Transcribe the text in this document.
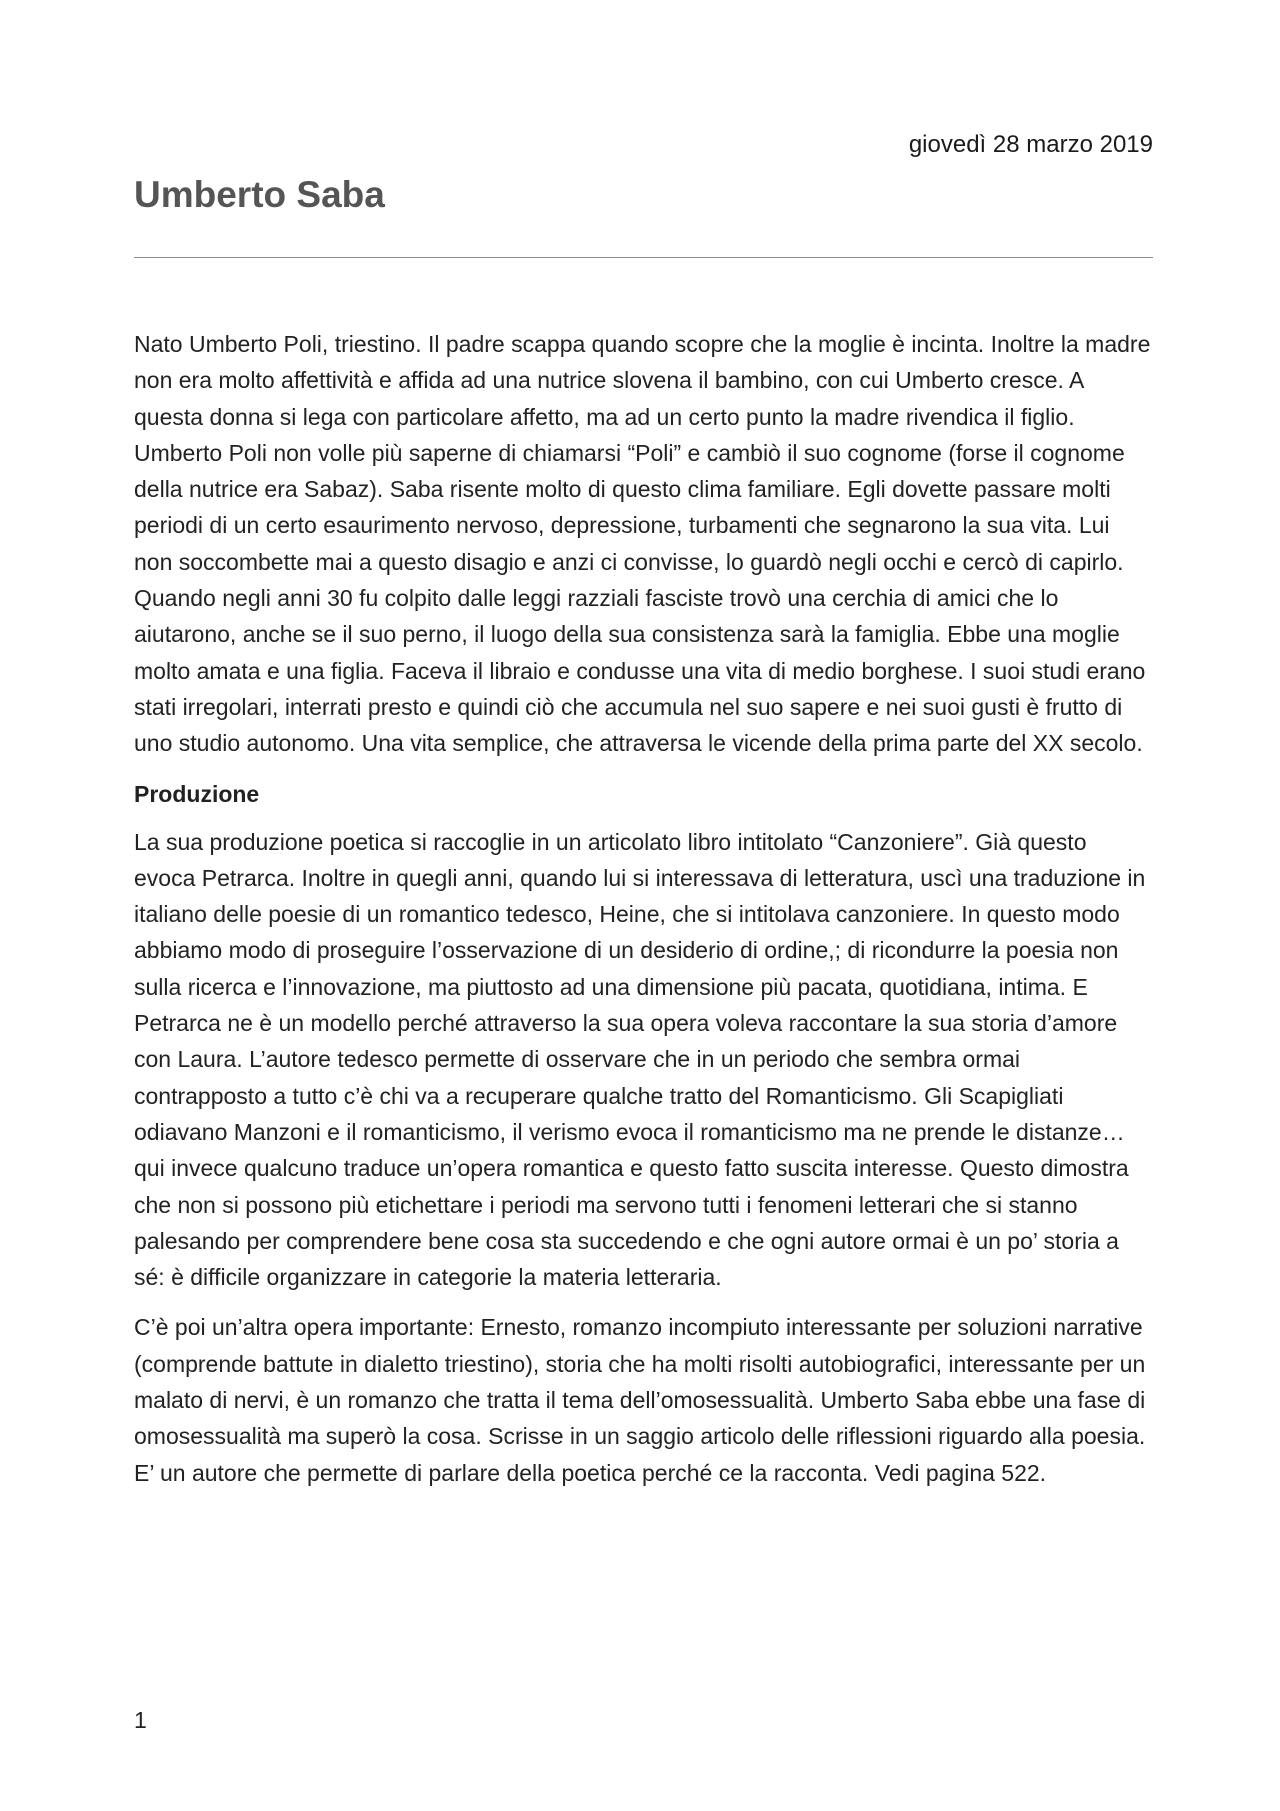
giovedì 28 marzo 2019
Umberto Saba

Nato Umberto Poli, triestino. Il padre scappa quando scopre che la moglie è incinta. Inoltre la madre non era molto affettività e affida ad una nutrice slovena il bambino, con cui Umberto cresce. A questa donna si lega con particolare affetto, ma ad un certo punto la madre rivendica il figlio. Umberto Poli non volle più saperne di chiamarsi “Poli” e cambiò il suo cognome (forse il cognome della nutrice era Sabaz). Saba risente molto di questo clima familiare. Egli dovette passare molti periodi di un certo esaurimento nervoso, depressione, turbamenti che segnarono la sua vita. Lui non soccombette mai a questo disagio e anzi ci convisse, lo guardò negli occhi e cercò di capirlo. Quando negli anni 30 fu colpito dalle leggi razziali fasciste trovò una cerchia di amici che lo aiutarono, anche se il suo perno, il luogo della sua consistenza sarà la famiglia. Ebbe una moglie molto amata e una figlia. Faceva il libraio e condusse una vita di medio borghese. I suoi studi erano stati irregolari, interrati presto e quindi ciò che accumula nel suo sapere e nei suoi gusti è frutto di uno studio autonomo. Una vita semplice, che attraversa le vicende della prima parte del XX secolo.

Produzione

La sua produzione poetica si raccoglie in un articolato libro intitolato “Canzoniere”. Già questo evoca Petrarca. Inoltre in quegli anni, quando lui si interessava di letteratura, uscì una traduzione in italiano delle poesie di un romantico tedesco, Heine, che si intitolava canzoniere. In questo modo abbiamo modo di proseguire l’osservazione di un desiderio di ordine,; di ricondurre la poesia non sulla ricerca e l’innovazione, ma piuttosto ad una dimensione più pacata, quotidiana, intima. E Petrarca ne è un modello perché attraverso la sua opera voleva raccontare la sua storia d’amore con Laura. L’autore tedesco permette di osservare che in un periodo che sembra ormai contrapposto a tutto c’è chi va a recuperare qualche tratto del Romanticismo. Gli Scapigliati odiavano Manzoni e il romanticismo, il verismo evoca il romanticismo ma ne prende le distanze… qui invece qualcuno traduce un’opera romantica e questo fatto suscita interesse. Questo dimostra che non si possono più etichettare i periodi ma servono tutti i fenomeni letterari che si stanno palesando per comprendere bene cosa sta succedendo e che ogni autore ormai è un po’ storia a sé: è difficile organizzare in categorie la materia letteraria.

C’è poi un’altra opera importante: Ernesto, romanzo incompiuto interessante per soluzioni narrative (comprende battute in dialetto triestino), storia che ha molti risolti autobiografici, interessante per un malato di nervi, è un romanzo che tratta il tema dell’omosessualità. Umberto Saba ebbe una fase di omosessualità ma superò la cosa. Scrisse in un saggio articolo delle riflessioni riguardo alla poesia. E’ un autore che permette di parlare della poetica perché ce la racconta. Vedi pagina 522.

1
